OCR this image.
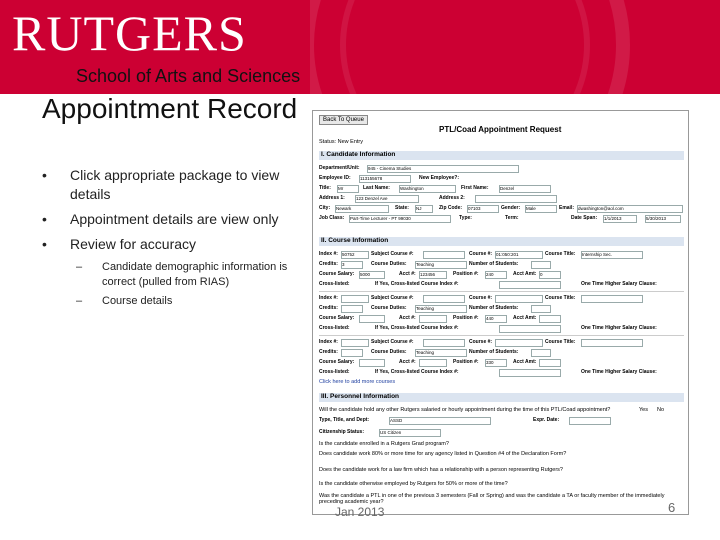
RUTGERS
School of Arts and Sciences
Appointment Record
• Click appropriate package to view details
• Appointment details are view only
• Review for accuracy
– Candidate demographic information is correct (pulled from RIAS)
– Course details
Back To Queue
PTL/Coad Appointment Request
Status: New Entry
I. Candidate Information
Department/Unit: 945 - Cinema Studies
Employee ID: 113155678	New Employee?:
Title: Mr	Last Name: Washington	First Name:	Denzel
Address 1: 123 Denzel Ave	Address 2:
City: Newark	State: NJ	Zip Code: 07103	Gender: Male	Email: dwashington@aol.com
Job Class: Part-Time Lecturer - PT 99030	Type:	Term:	Date Span: 1/1/2013	5/30/2013
II. Course Information
Index #: 50752	Subject Course #:	Course #: 01:050:201	Course Title: Internship Sec.
Credits: 3	Course Duties: Teaching	Number of Students:
Course Salary: 5000	Acct #: 123456	Position #: 240	Acct Amt: 0
Cross-listed:	If Yes, Cross-listed Course Index #:	One Time Higher Salary Clause:
Index #:	Subject Course #:	Course #:	Course Title:
Credits:	Course Duties: Teaching	Number of Students:
Course Salary:	Acct #:	Position #: 440	Acct Amt:
Cross-listed:	If Yes, Cross-listed Course Index #:	One Time Higher Salary Clause:
Index #:	Subject Course #:	Course #:	Course Title:
Credits:	Course Duties: Teaching	Number of Students:
Course Salary:	Acct #:	Position #: 330	Acct Amt:
Cross-listed:	If Yes, Cross-listed Course Index #:	One Time Higher Salary Clause:
Click here to add more courses
III. Personnel Information
Will the candidate hold any other Rutgers salaried or hourly appointment during the time of this PTL/Coad appointment?	Yes No
Type, Title, and Dept:	ASSD	Expr. Date:
Citizenship Status:	US Citizen
Is the candidate enrolled in a Rutgers Grad program?
Does candidate work 80% or more time for any agency listed in Question #4 of the Declaration Form?
Does the candidate work for a law firm which has a relationship with a person representing Rutgers?
Is the candidate otherwise employed by Rutgers for 50% or more of the time?
Was the candidate a PTL in one of the previous 3 semesters (Fall or Spring) and was the candidate a TA or faculty member of the immediately preceding academic year?
Jan 2013	6
